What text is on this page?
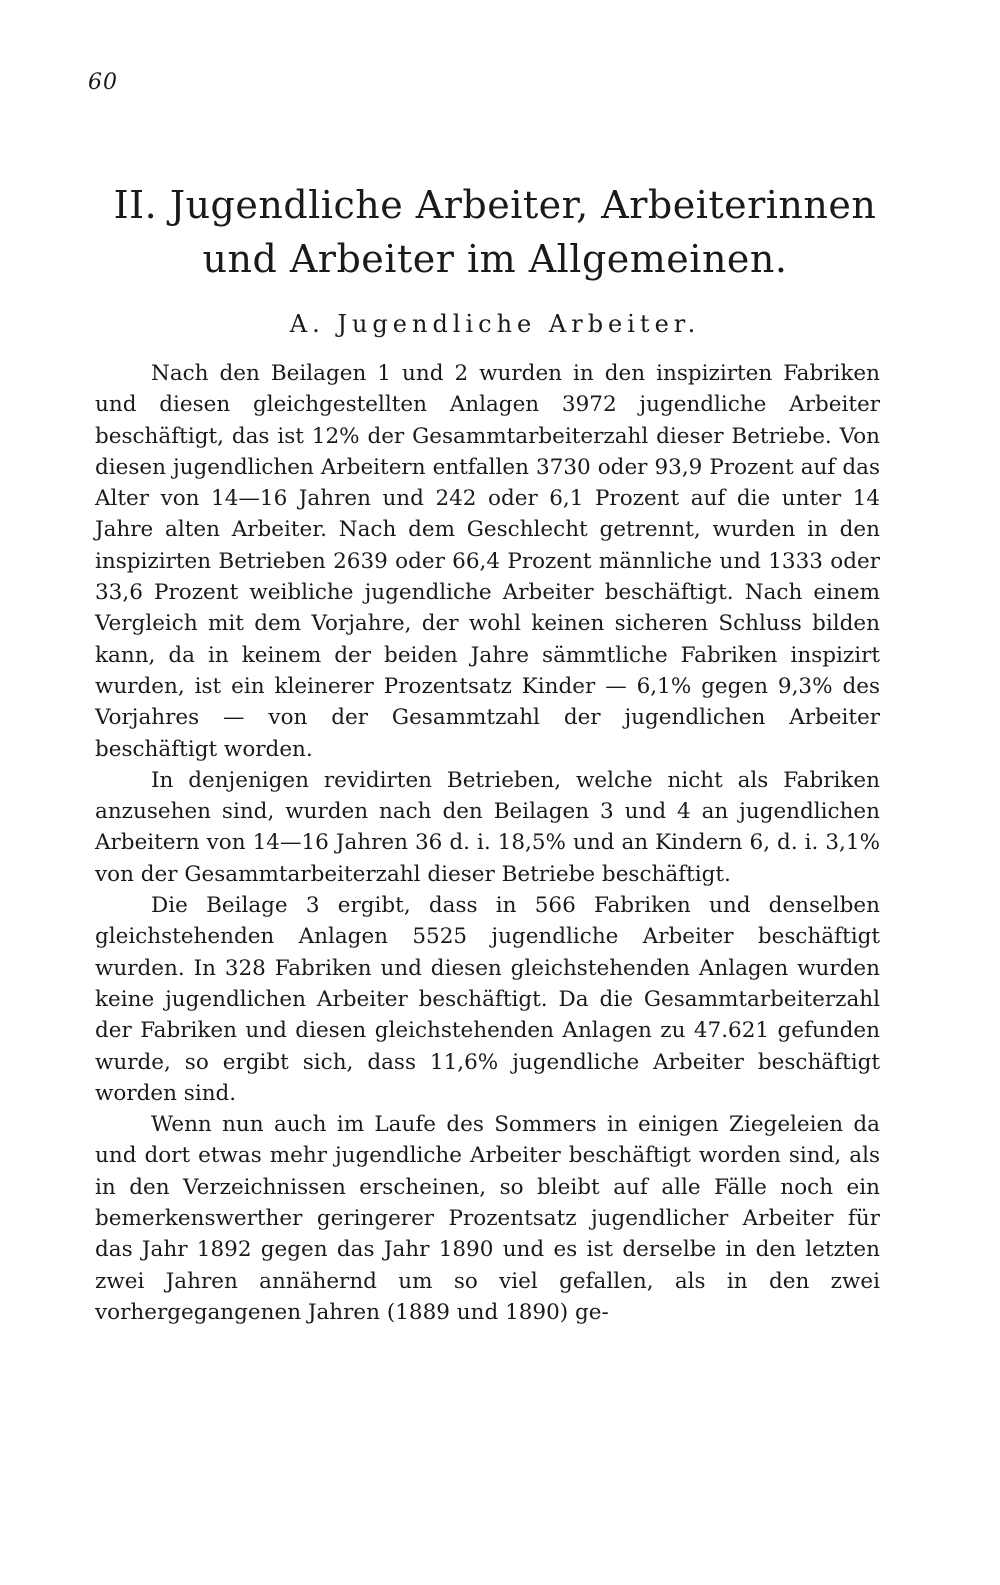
60
II. Jugendliche Arbeiter, Arbeiterinnen und Arbeiter im Allgemeinen.
A. Jugendliche Arbeiter.

Nach den Beilagen 1 und 2 wurden in den inspizirten Fabriken und diesen gleichgestellten Anlagen 3972 jugendliche Arbeiter beschäftigt, das ist 12% der Gesammtarbeiterzahl dieser Betriebe. Von diesen jugendlichen Arbeitern entfallen 3730 oder 93,9 Prozent auf das Alter von 14—16 Jahren und 242 oder 6,1 Prozent auf die unter 14 Jahre alten Arbeiter. Nach dem Geschlecht getrennt, wurden in den inspizirten Betrieben 2639 oder 66,4 Prozent männliche und 1333 oder 33,6 Prozent weibliche jugendliche Arbeiter beschäftigt. Nach einem Vergleich mit dem Vorjahre, der wohl keinen sicheren Schluss bilden kann, da in keinem der beiden Jahre sämmtliche Fabriken inspizirt wurden, ist ein kleinerer Prozentsatz Kinder — 6,1% gegen 9,3% des Vorjahres — von der Gesammtzahl der jugendlichen Arbeiter beschäftigt worden.

In denjenigen revidirten Betrieben, welche nicht als Fabriken anzusehen sind, wurden nach den Beilagen 3 und 4 an jugendlichen Arbeitern von 14—16 Jahren 36 d. i. 18,5% und an Kindern 6, d. i. 3,1% von der Gesammtarbeiterzahl dieser Betriebe beschäftigt.

Die Beilage 3 ergibt, dass in 566 Fabriken und denselben gleichstehenden Anlagen 5525 jugendliche Arbeiter beschäftigt wurden. In 328 Fabriken und diesen gleichstehenden Anlagen wurden keine jugendlichen Arbeiter beschäftigt. Da die Gesammtarbeiterzahl der Fabriken und diesen gleichstehenden Anlagen zu 47.621 gefunden wurde, so ergibt sich, dass 11,6% jugendliche Arbeiter beschäftigt worden sind.

Wenn nun auch im Laufe des Sommers in einigen Ziegeleien da und dort etwas mehr jugendliche Arbeiter beschäftigt worden sind, als in den Verzeichnissen erscheinen, so bleibt auf alle Fälle noch ein bemerkenswerther geringerer Prozentsatz jugendlicher Arbeiter für das Jahr 1892 gegen das Jahr 1890 und es ist derselbe in den letzten zwei Jahren annähernd um so viel gefallen, als in den zwei vorhergegangenen Jahren (1889 und 1890) ge-
